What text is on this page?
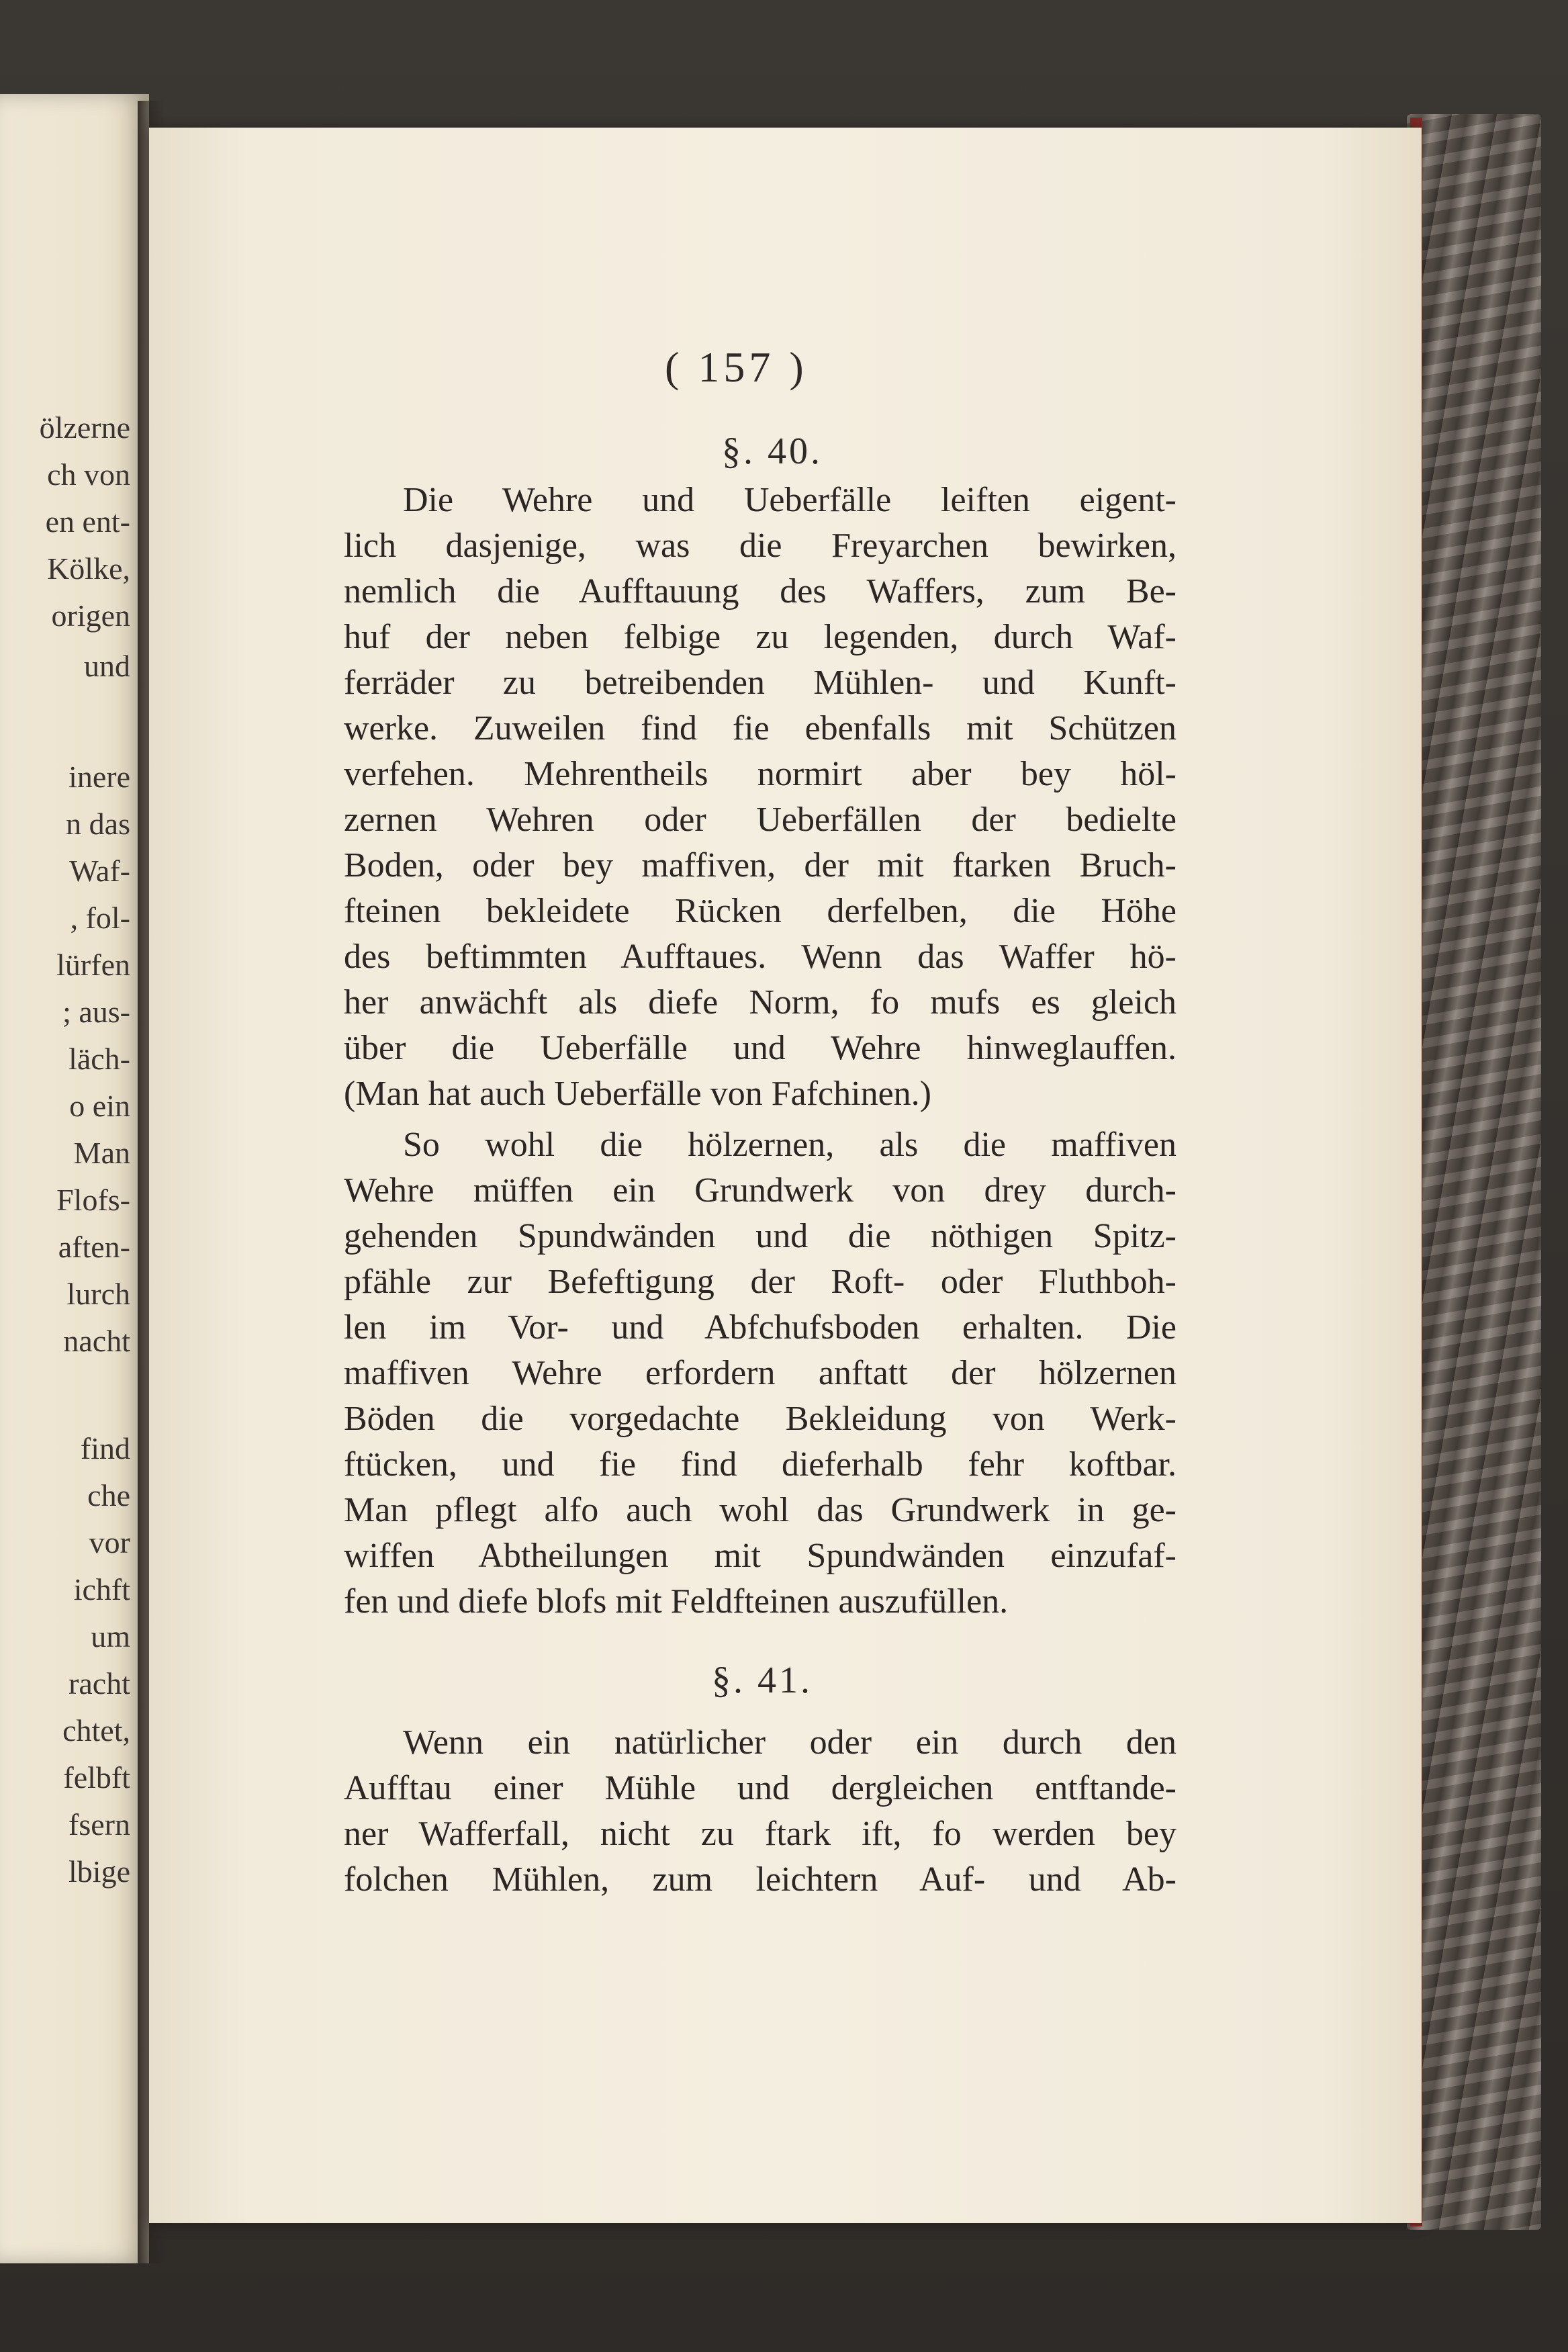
ölzerne
ch von
en ent-
Kölke,
origen
und
inere
n das
Waf-
, fol-
lürfen
; aus-
läch-
o ein
Man
Flofs-
aften-
lurch
nacht
find
che
vor
ichft
um
racht
chtet,
felbft
fsern
lbige
( 157 )
§. 40.
Die Wehre und Ueberfälle leiften eigent-
lich dasjenige, was die Freyarchen bewirken,
nemlich die Aufftauung des Waffers, zum Be-
huf der neben felbige zu legenden, durch Waf-
ferräder zu betreibenden Mühlen- und Kunft-
werke. Zuweilen find fie ebenfalls mit Schützen
verfehen. Mehrentheils normirt aber bey höl-
zernen Wehren oder Ueberfällen der bedielte
Boden, oder bey maffiven, der mit ftarken Bruch-
fteinen bekleidete Rücken derfelben, die Höhe
des beftimmten Aufftaues. Wenn das Waffer hö-
her anwächft als diefe Norm, fo mufs es gleich
über die Ueberfälle und Wehre hinweglauffen.
(Man hat auch Ueberfälle von Fafchinen.)
So wohl die hölzernen, als die maffiven
Wehre müffen ein Grundwerk von drey durch-
gehenden Spundwänden und die nöthigen Spitz-
pfähle zur Befeftigung der Roft- oder Fluthboh-
len im Vor- und Abfchufsboden erhalten. Die
maffiven Wehre erfordern anftatt der hölzernen
Böden die vorgedachte Bekleidung von Werk-
ftücken, und fie find dieferhalb fehr koftbar.
Man pflegt alfo auch wohl das Grundwerk in ge-
wiffen Abtheilungen mit Spundwänden einzufaf-
fen und diefe blofs mit Feldfteinen auszufüllen.
§. 41.
Wenn ein natürlicher oder ein durch den
Aufftau einer Mühle und dergleichen entftande-
ner Wafferfall, nicht zu ftark ift, fo werden bey
folchen Mühlen, zum leichtern Auf- und Ab-
